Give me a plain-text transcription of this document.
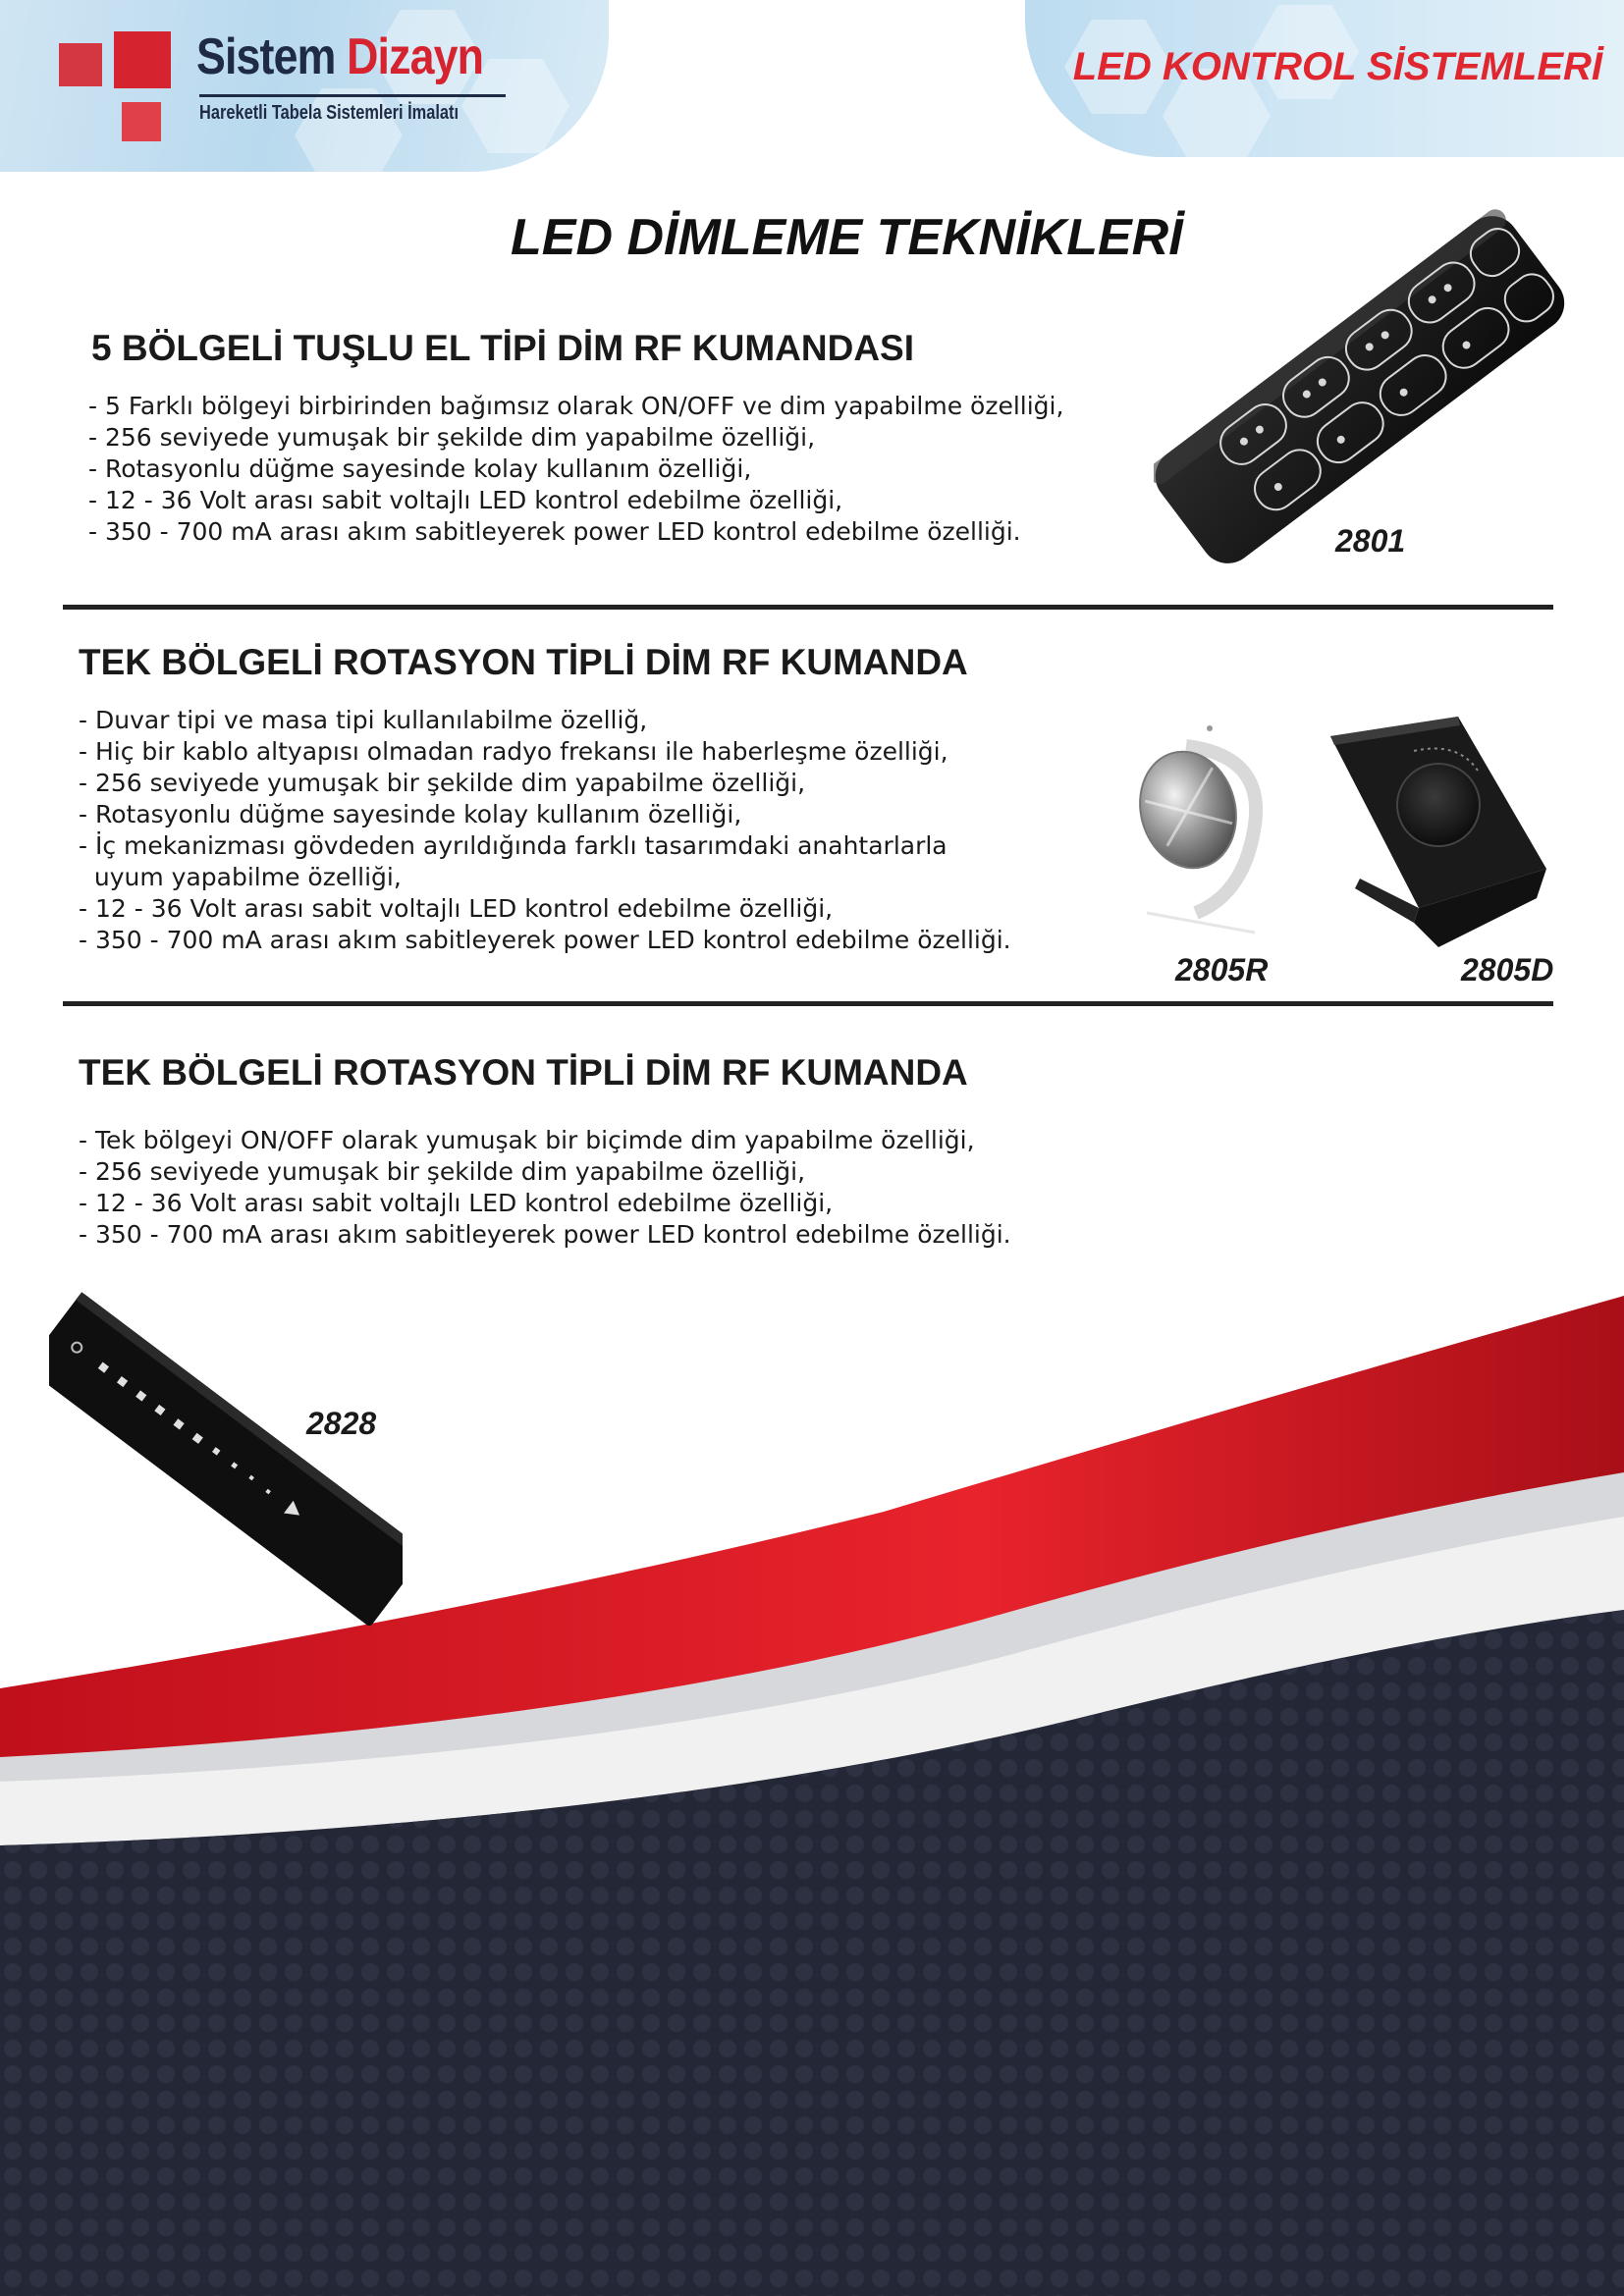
Sistem Dizayn
Hareketli Tabela Sistemleri İmalatı
LED KONTROL SİSTEMLERİ
LED DİMLEME TEKNİKLERİ
5 BÖLGELİ TUŞLU EL TİPİ DİM RF KUMANDASI
- 5 Farklı bölgeyi birbirinden bağımsız olarak ON/OFF ve dim yapabilme özelliği,
- 256 seviyede yumuşak bir şekilde dim yapabilme özelliği,
- Rotasyonlu düğme sayesinde kolay kullanım özelliği,
- 12 - 36 Volt arası sabit voltajlı LED kontrol edebilme özelliği,
- 350 - 700 mA arası akım sabitleyerek power LED kontrol edebilme özelliği.	2801
TEK BÖLGELİ ROTASYON TİPLİ DİM RF KUMANDA
- Duvar tipi ve masa tipi kullanılabilme özelliğ,
- Hiç bir kablo altyapısı olmadan radyo frekansı ile haberleşme özelliği,
- 256 seviyede yumuşak bir şekilde dim yapabilme özelliği,
- Rotasyonlu düğme sayesinde kolay kullanım özelliği,
- İç mekanizması gövdeden ayrıldığında farklı tasarımdaki anahtarlarla
uyum yapabilme özelliği,
- 12 - 36 Volt arası sabit voltajlı LED kontrol edebilme özelliği,
- 350 - 700 mA arası akım sabitleyerek power LED kontrol edebilme özelliği.
2805R	2805D
TEK BÖLGELİ ROTASYON TİPLİ DİM RF KUMANDA
- Tek bölgeyi ON/OFF olarak yumuşak bir biçimde dim yapabilme özelliği,
- 256 seviyede yumuşak bir şekilde dim yapabilme özelliği,
- 12 - 36 Volt arası sabit voltajlı LED kontrol edebilme özelliği,
- 350 - 700 mA arası akım sabitleyerek power LED kontrol edebilme özelliği.
2828
